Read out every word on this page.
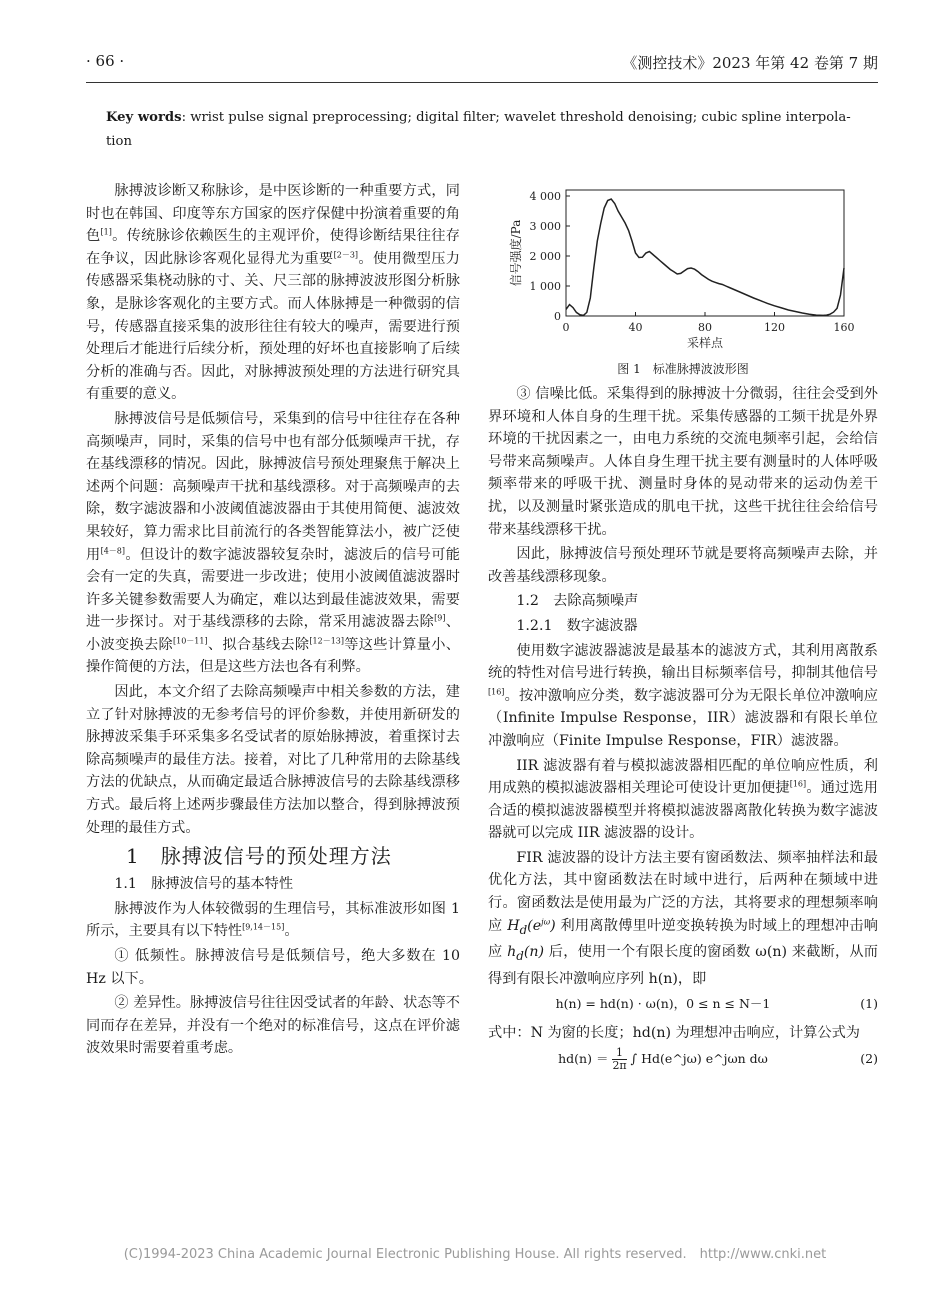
· 66 ·	《测控技术》2023 年第 42 卷第 7 期
Key words: wrist pulse signal preprocessing; digital filter; wavelet threshold denoising; cubic spline interpola-tion

脉搏波诊断又称脉诊，是中医诊断的一种重要方式，同时也在韩国、印度等东方国家的医疗保健中扮演着重要的角色[1]。传统脉诊依赖医生的主观评价，使得诊断结果往往存在争议，因此脉诊客观化显得尤为重要[2－3]。使用微型压力传感器采集桡动脉的寸、关、尺三部的脉搏波波形图分析脉象，是脉诊客观化的主要方式。而人体脉搏是一种微弱的信号，传感器直接采集的波形往往有较大的噪声，需要进行预处理后才能进行后续分析，预处理的好坏也直接影响了后续分析的准确与否。因此，对脉搏波预处理的方法进行研究具有重要的意义。

脉搏波信号是低频信号，采集到的信号中往往存在各种高频噪声，同时，采集的信号中也有部分低频噪声干扰，存在基线漂移的情况。因此，脉搏波信号预处理聚焦于解决上述两个问题：高频噪声干扰和基线漂移。对于高频噪声的去除，数字滤波器和小波阈值滤波器由于其使用简便、滤波效果较好，算力需求比目前流行的各类智能算法小，被广泛使用[4－8]。但设计的数字滤波器较复杂时，滤波后的信号可能会有一定的失真，需要进一步改进；使用小波阈值滤波器时许多关键参数需要人为确定，难以达到最佳滤波效果，需要进一步探讨。对于基线漂移的去除，常采用滤波器去除[9]、小波变换去除[10－11]、拟合基线去除[12－13]等这些计算量小、操作简便的方法，但是这些方法也各有利弊。

因此，本文介绍了去除高频噪声中相关参数的方法，建立了针对脉搏波的无参考信号的评价参数，并使用新研发的脉搏波采集手环采集多名受试者的原始脉搏波，着重探讨去除高频噪声的最佳方法。接着，对比了几种常用的去除基线方法的优缺点，从而确定最适合脉搏波信号的去除基线漂移方式。最后将上述两步骤最佳方法加以整合，得到脉搏波预处理的最佳方式。

1　脉搏波信号的预处理方法

1.1　脉搏波信号的基本特性

脉搏波作为人体较微弱的生理信号，其标准波形如图 1 所示，主要具有以下特性[9,14－15]。

① 低频性。脉搏波信号是低频信号，绝大多数在 10 Hz 以下。

② 差异性。脉搏波信号往往因受试者的年龄、状态等不同而存在差异，并没有一个绝对的标准信号，这点在评价滤波效果时需要着重考虑。

0
1 000
2 000
3 000
4 000
0	40	80	120	160
采样点
信号强度/Pa
图 1　标准脉搏波波形图

③ 信噪比低。采集得到的脉搏波十分微弱，往往会受到外界环境和人体自身的生理干扰。采集传感器的工频干扰是外界环境的干扰因素之一，由电力系统的交流电频率引起，会给信号带来高频噪声。人体自身生理干扰主要有测量时的人体呼吸频率带来的呼吸干扰、测量时身体的晃动带来的运动伪差干扰，以及测量时紧张造成的肌电干扰，这些干扰往往会给信号带来基线漂移干扰。

因此，脉搏波信号预处理环节就是要将高频噪声去除，并改善基线漂移现象。

1.2　去除高频噪声

1.2.1　数字滤波器

使用数字滤波器滤波是最基本的滤波方式，其利用离散系统的特性对信号进行转换，输出目标频率信号，抑制其他信号[16]。按冲激响应分类，数字滤波器可分为无限长单位冲激响应（Infinite Impulse Response，IIR）滤波器和有限长单位冲激响应（Finite Impulse Response，FIR）滤波器。

IIR 滤波器有着与模拟滤波器相匹配的单位响应性质，利用成熟的模拟滤波器相关理论可使设计更加便捷[16]。通过选用合适的模拟滤波器模型并将模拟滤波器离散化转换为数字滤波器就可以完成 IIR 滤波器的设计。

FIR 滤波器的设计方法主要有窗函数法、频率抽样法和最优化方法，其中窗函数法在时域中进行，后两种在频域中进行。窗函数法是使用最为广泛的方法，其将要求的理想频率响应 $H_d(e^{j\omega})$ 利用离散傅里叶逆变换转换为时域上的理想冲击响应 $h_d(n)$ 后，使用一个有限长度的窗函数 ω(n) 来截断，从而得到有限长冲激响应序列 h(n)，即

h(n) = hd(n) · ω(n)，0 ≤ n ≤ N－1	(1)

式中：N 为窗的长度；hd(n) 为理想冲击响应，计算公式为

$hd(n) = \frac{1}{2\pi}$ ∫ Hd(e^jω) e^jωn dω	(2)
(C)1994-2023 China Academic Journal Electronic Publishing House. All rights reserved.　http://www.cnki.net
